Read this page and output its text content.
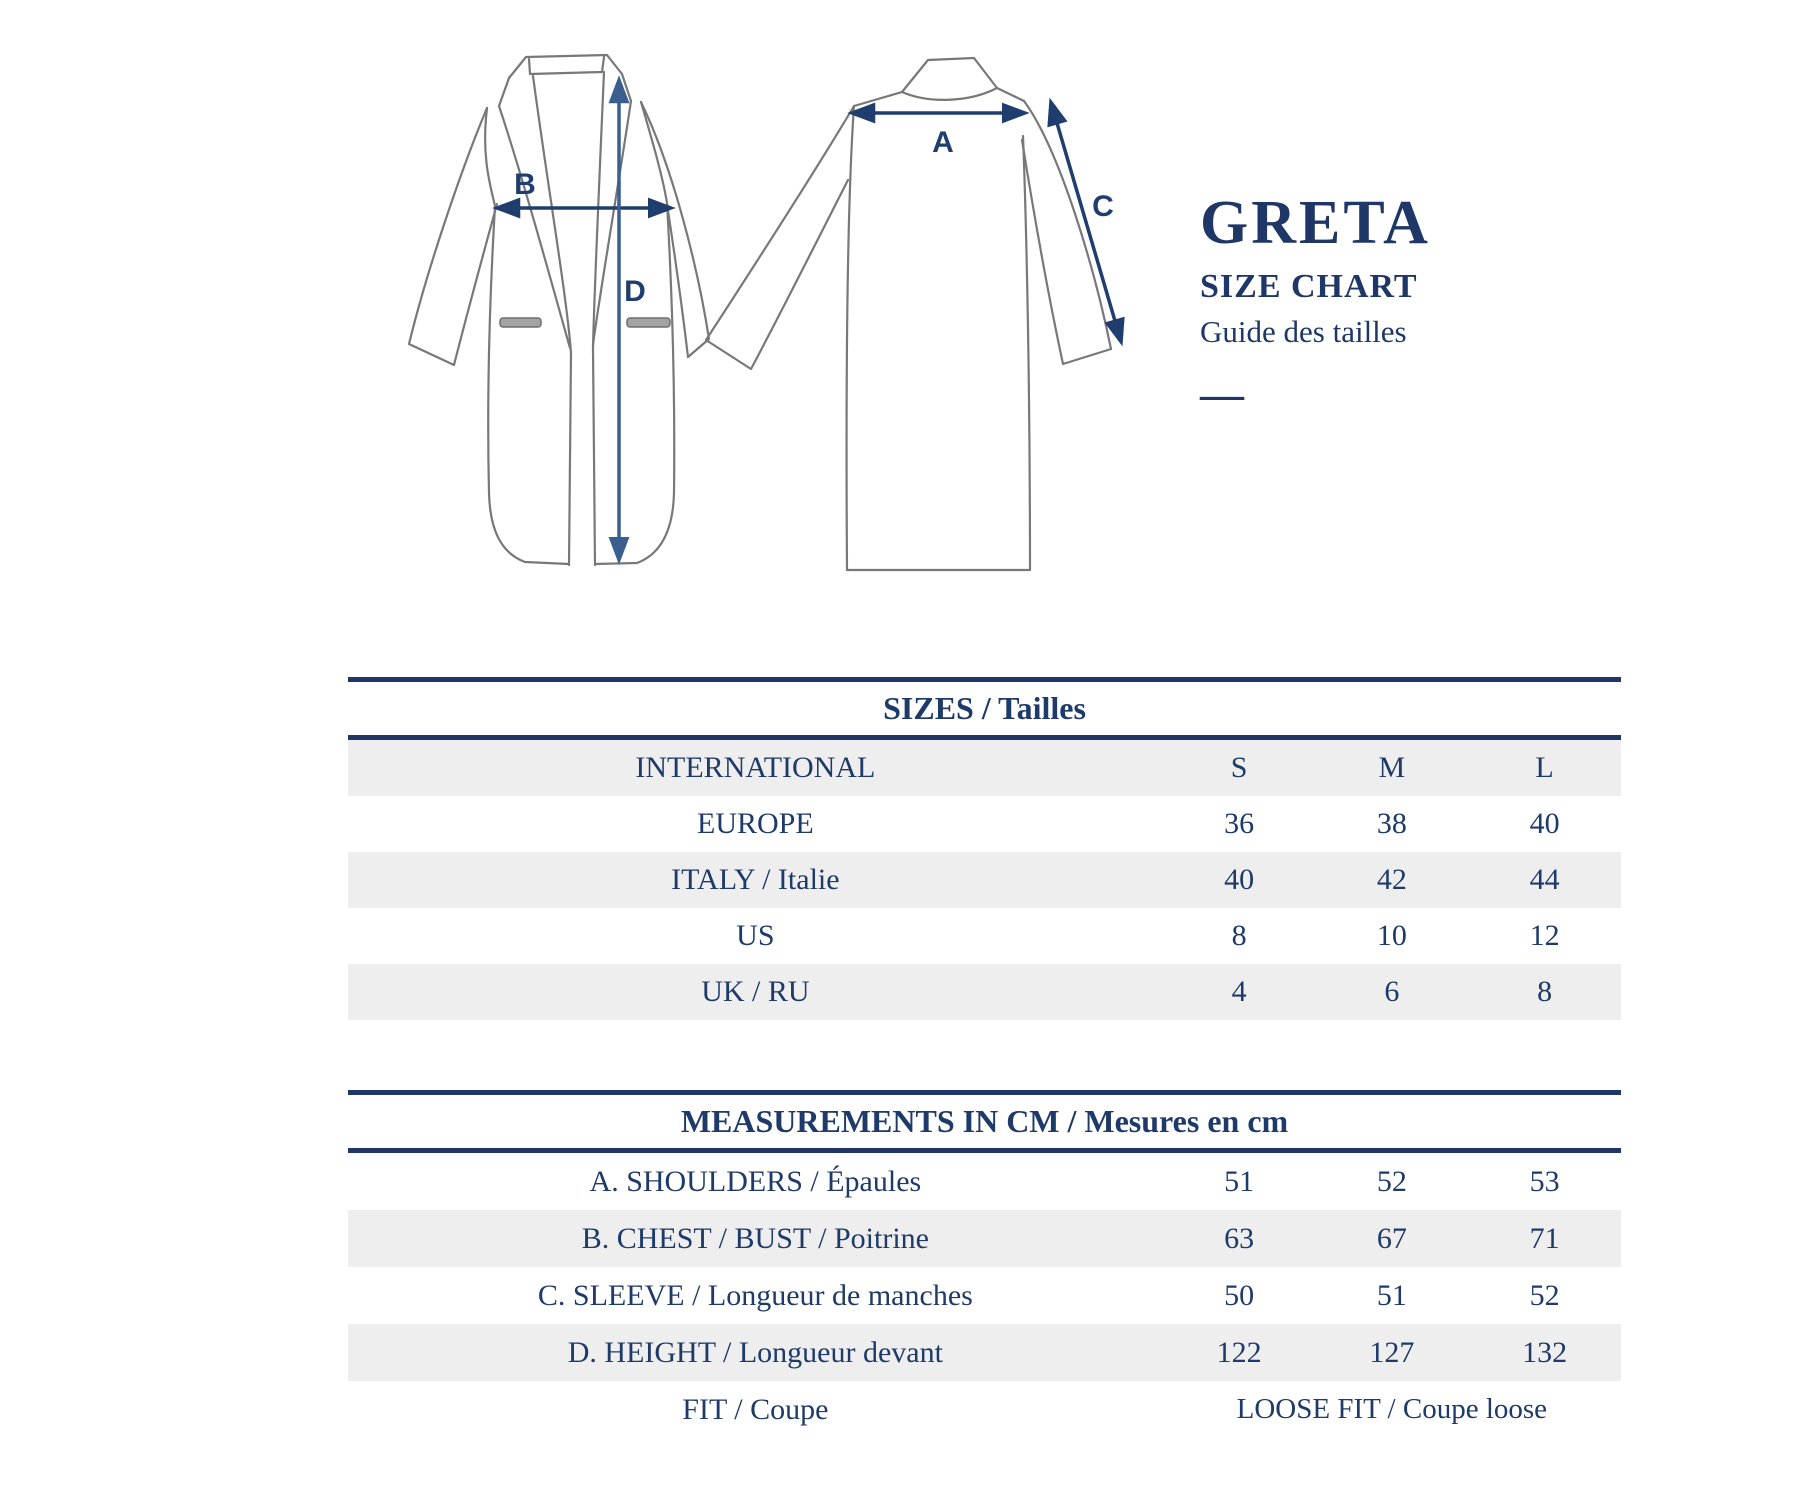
B
D
A
C GRETA
SIZE CHART
Guide des tailles
—
SIZES / Tailles
INTERNATIONAL	S	M	L
EUROPE	36	38	40
ITALY / Italie	40	42	44
US	8	10	12
UK / RU	4	6	8
MEASUREMENTS IN CM / Mesures en cm
A. SHOULDERS / Épaules	51	52	53
B. CHEST / BUST / Poitrine	63	67	71
C. SLEEVE / Longueur de manches	50	51	52
D. HEIGHT / Longueur devant	122	127	132
FIT / Coupe	LOOSE FIT / Coupe loose
